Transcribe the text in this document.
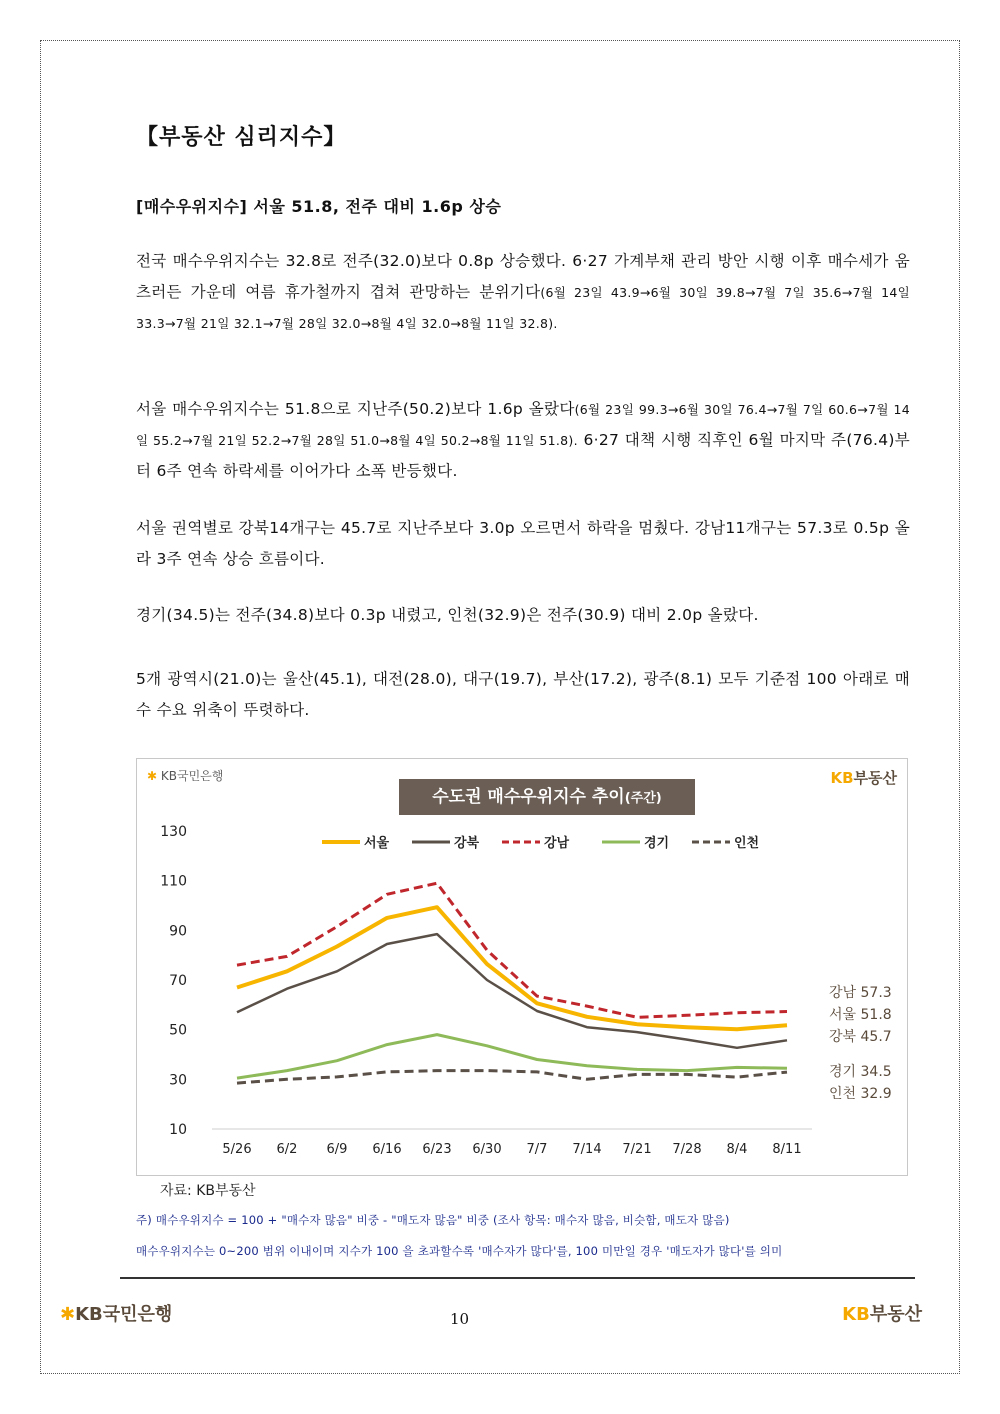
【부동산 심리지수】
[매수우위지수] 서울 51.8, 전주 대비 1.6p 상승
전국 매수우위지수는 32.8로 전주(32.0)보다 0.8p 상승했다. 6·27 가계부채 관리 방안 시행 이후 매수세가 움츠러든 가운데 여름 휴가철까지 겹쳐 관망하는 분위기다(6월 23일 43.9→6월 30일 39.8→7월 7일 35.6→7월 14일 33.3→7월 21일 32.1→7월 28일 32.0→8월 4일 32.0→8월 11일 32.8).
서울 매수우위지수는 51.8으로 지난주(50.2)보다 1.6p 올랐다(6월 23일 99.3→6월 30일 76.4→7월 7일 60.6→7월 14일 55.2→7월 21일 52.2→7월 28일 51.0→8월 4일 50.2→8월 11일 51.8). 6·27 대책 시행 직후인 6월 마지막 주(76.4)부터 6주 연속 하락세를 이어가다 소폭 반등했다.
서울 권역별로 강북14개구는 45.7로 지난주보다 3.0p 오르면서 하락을 멈췄다. 강남11개구는 57.3로 0.5p 올라 3주 연속 상승 흐름이다.
경기(34.5)는 전주(34.8)보다 0.3p 내렸고, 인천(32.9)은 전주(30.9) 대비 2.0p 올랐다.
5개 광역시(21.0)는 울산(45.1), 대전(28.0), 대구(19.7), 부산(17.2), 광주(8.1) 모두 기준점 100 아래로 매수 수요 위축이 뚜렷하다.
10
30
50
70
90
110
130
5/26 6/2 6/9 6/16 6/23 6/30 7/7 7/14 7/21 7/28 8/4 8/11
서울	강북	강남	경기	인천
강남 57.3
서울 51.8
강북 45.7
경기 34.5
인천 32.9
✱ KB국민은행	KB부동산
수도권 매수우위지수 추이(주간)
자료: KB부동산
주) 매수우위지수 = 100 + "매수자 많음" 비중 - "매도자 많음" 비중 (조사 항목: 매수자 많음, 비슷함, 매도자 많음)
매수우위지수는 0~200 범위 이내이며 지수가 100 을 초과할수록 '매수자가 많다'를, 100 미만일 경우 '매도자가 많다'를 의미
✱KB국민은행	10	KB부동산
